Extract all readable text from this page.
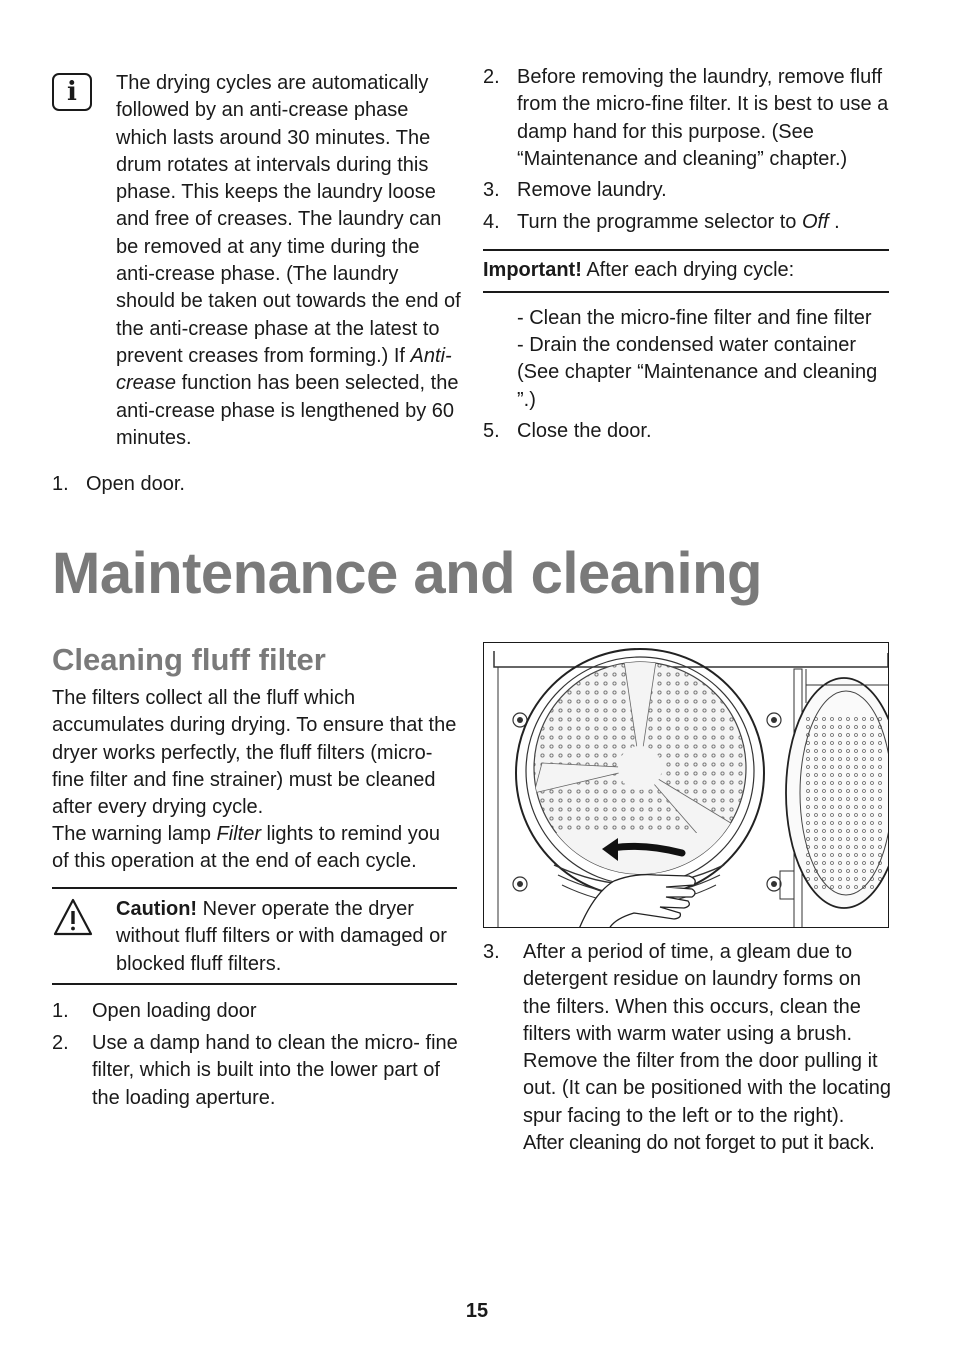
i The drying cycles are automatically followed by an anti-crease phase which lasts around 30 minutes. The drum rotates at intervals during this phase. This keeps the laundry loose and free of creases. The laundry can be removed at any time during the anti-crease phase. (The laundry should be taken out towards the end of the anti-crease phase at the latest to prevent creases from forming.) If Anti-crease function has been selected, the anti-crease phase is lengthened by 60 minutes.
1. Open door.
2. Before removing the laundry, remove fluff from the micro-fine filter. It is best to use a damp hand for this purpose. (See “Maintenance and cleaning” chapter.)
3. Remove laundry.
4. Turn the programme selector to Off .
Important! After each drying cycle:
- Clean the micro-fine filter and fine filter
- Drain the condensed water container (See chapter “Maintenance and cleaning ”.)
5. Close the door.
Maintenance and cleaning
Cleaning fluff filter
The filters collect all the fluff which accumulates during drying. To ensure that the dryer works perfectly, the fluff filters (micro-fine filter and fine strainer) must be cleaned after every drying cycle.
The warning lamp Filter lights to remind you of this operation at the end of each cycle.
Caution! Never operate the dryer without fluff filters or with damaged or blocked fluff filters.
1.	Open loading door
2.	Use a damp hand to clean the micro- fine filter, which is built into the lower part of the loading aperture.
3.	After a period of time, a gleam due to detergent residue on laundry forms on the filters. When this occurs, clean the filters with warm water using a brush. Remove the filter from the door pulling it out. (It can be positioned with the locating spur facing to the left or to the right).
After cleaning do not forget to put it back.
15
